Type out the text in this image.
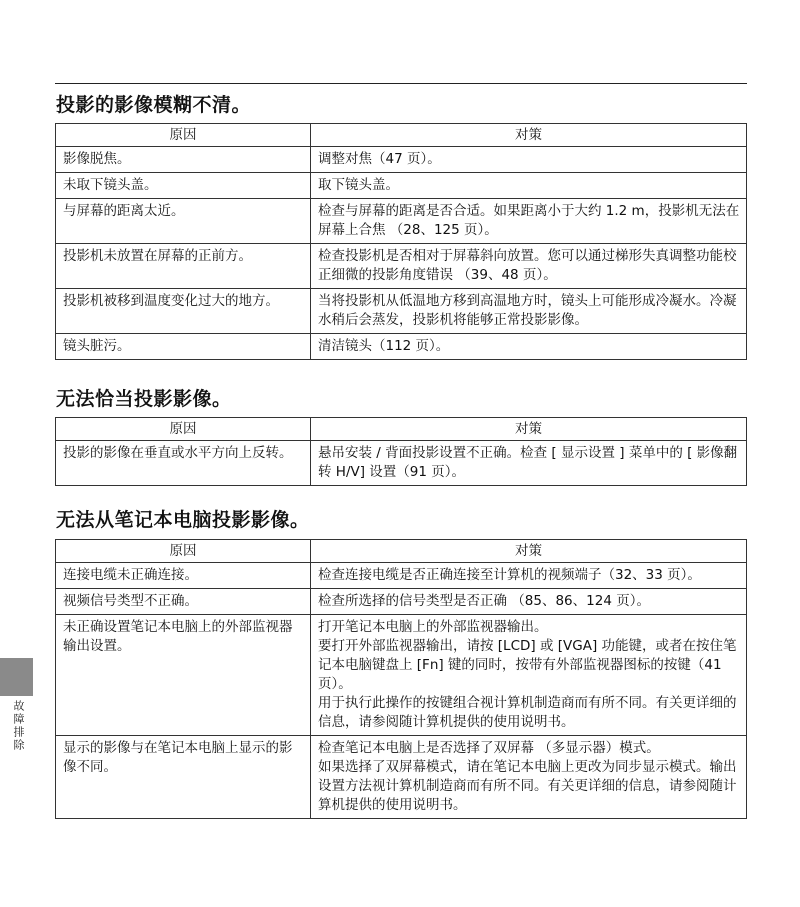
投影的影像模糊不清。
原因	对策
影像脱焦。	调整对焦（47 页）。

未取下镜头盖。	取下镜头盖。

与屏幕的距离太近。	检查与屏幕的距离是否合适。如果距离小于大约 1.2 m，投影机无法在屏幕上合焦 （28、125 页）。

投影机未放置在屏幕的正前方。	检查投影机是否相对于屏幕斜向放置。您可以通过梯形失真调整功能校正细微的投影角度错误 （39、48 页）。

投影机被移到温度变化过大的地方。	当将投影机从低温地方移到高温地方时，镜头上可能形成冷凝水。冷凝水稍后会蒸发，投影机将能够正常投影影像。

镜头脏污。	清洁镜头（112 页）。
无法恰当投影影像。
原因	对策
投影的影像在垂直或水平方向上反转。	悬吊安装 / 背面投影设置不正确。检查 [ 显示设置 ] 菜单中的 [ 影像翻转 H/V] 设置（91 页）。
无法从笔记本电脑投影影像。
原因	对策
连接电缆未正确连接。	检查连接电缆是否正确连接至计算机的视频端子（32、33 页）。

视频信号类型不正确。	检查所选择的信号类型是否正确 （85、86、124 页）。

未正确设置笔记本电脑上的外部监视器输出设置。	打开笔记本电脑上的外部监视器输出。
要打开外部监视器输出，请按 [LCD] 或 [VGA] 功能键，或者在按住笔记本电脑键盘上 [Fn] 键的同时，按带有外部监视器图标的按键（41 页）。
用于执行此操作的按键组合视计算机制造商而有所不同。有关更详细的信息，请参阅随计算机提供的使用说明书。

显示的影像与在笔记本电脑上显示的影像不同。	检查笔记本电脑上是否选择了双屏幕 （多显示器）模式。
如果选择了双屏幕模式，请在笔记本电脑上更改为同步显示模式。输出设置方法视计算机制造商而有所不同。有关更详细的信息，请参阅随计算机提供的使用说明书。
故障排除
